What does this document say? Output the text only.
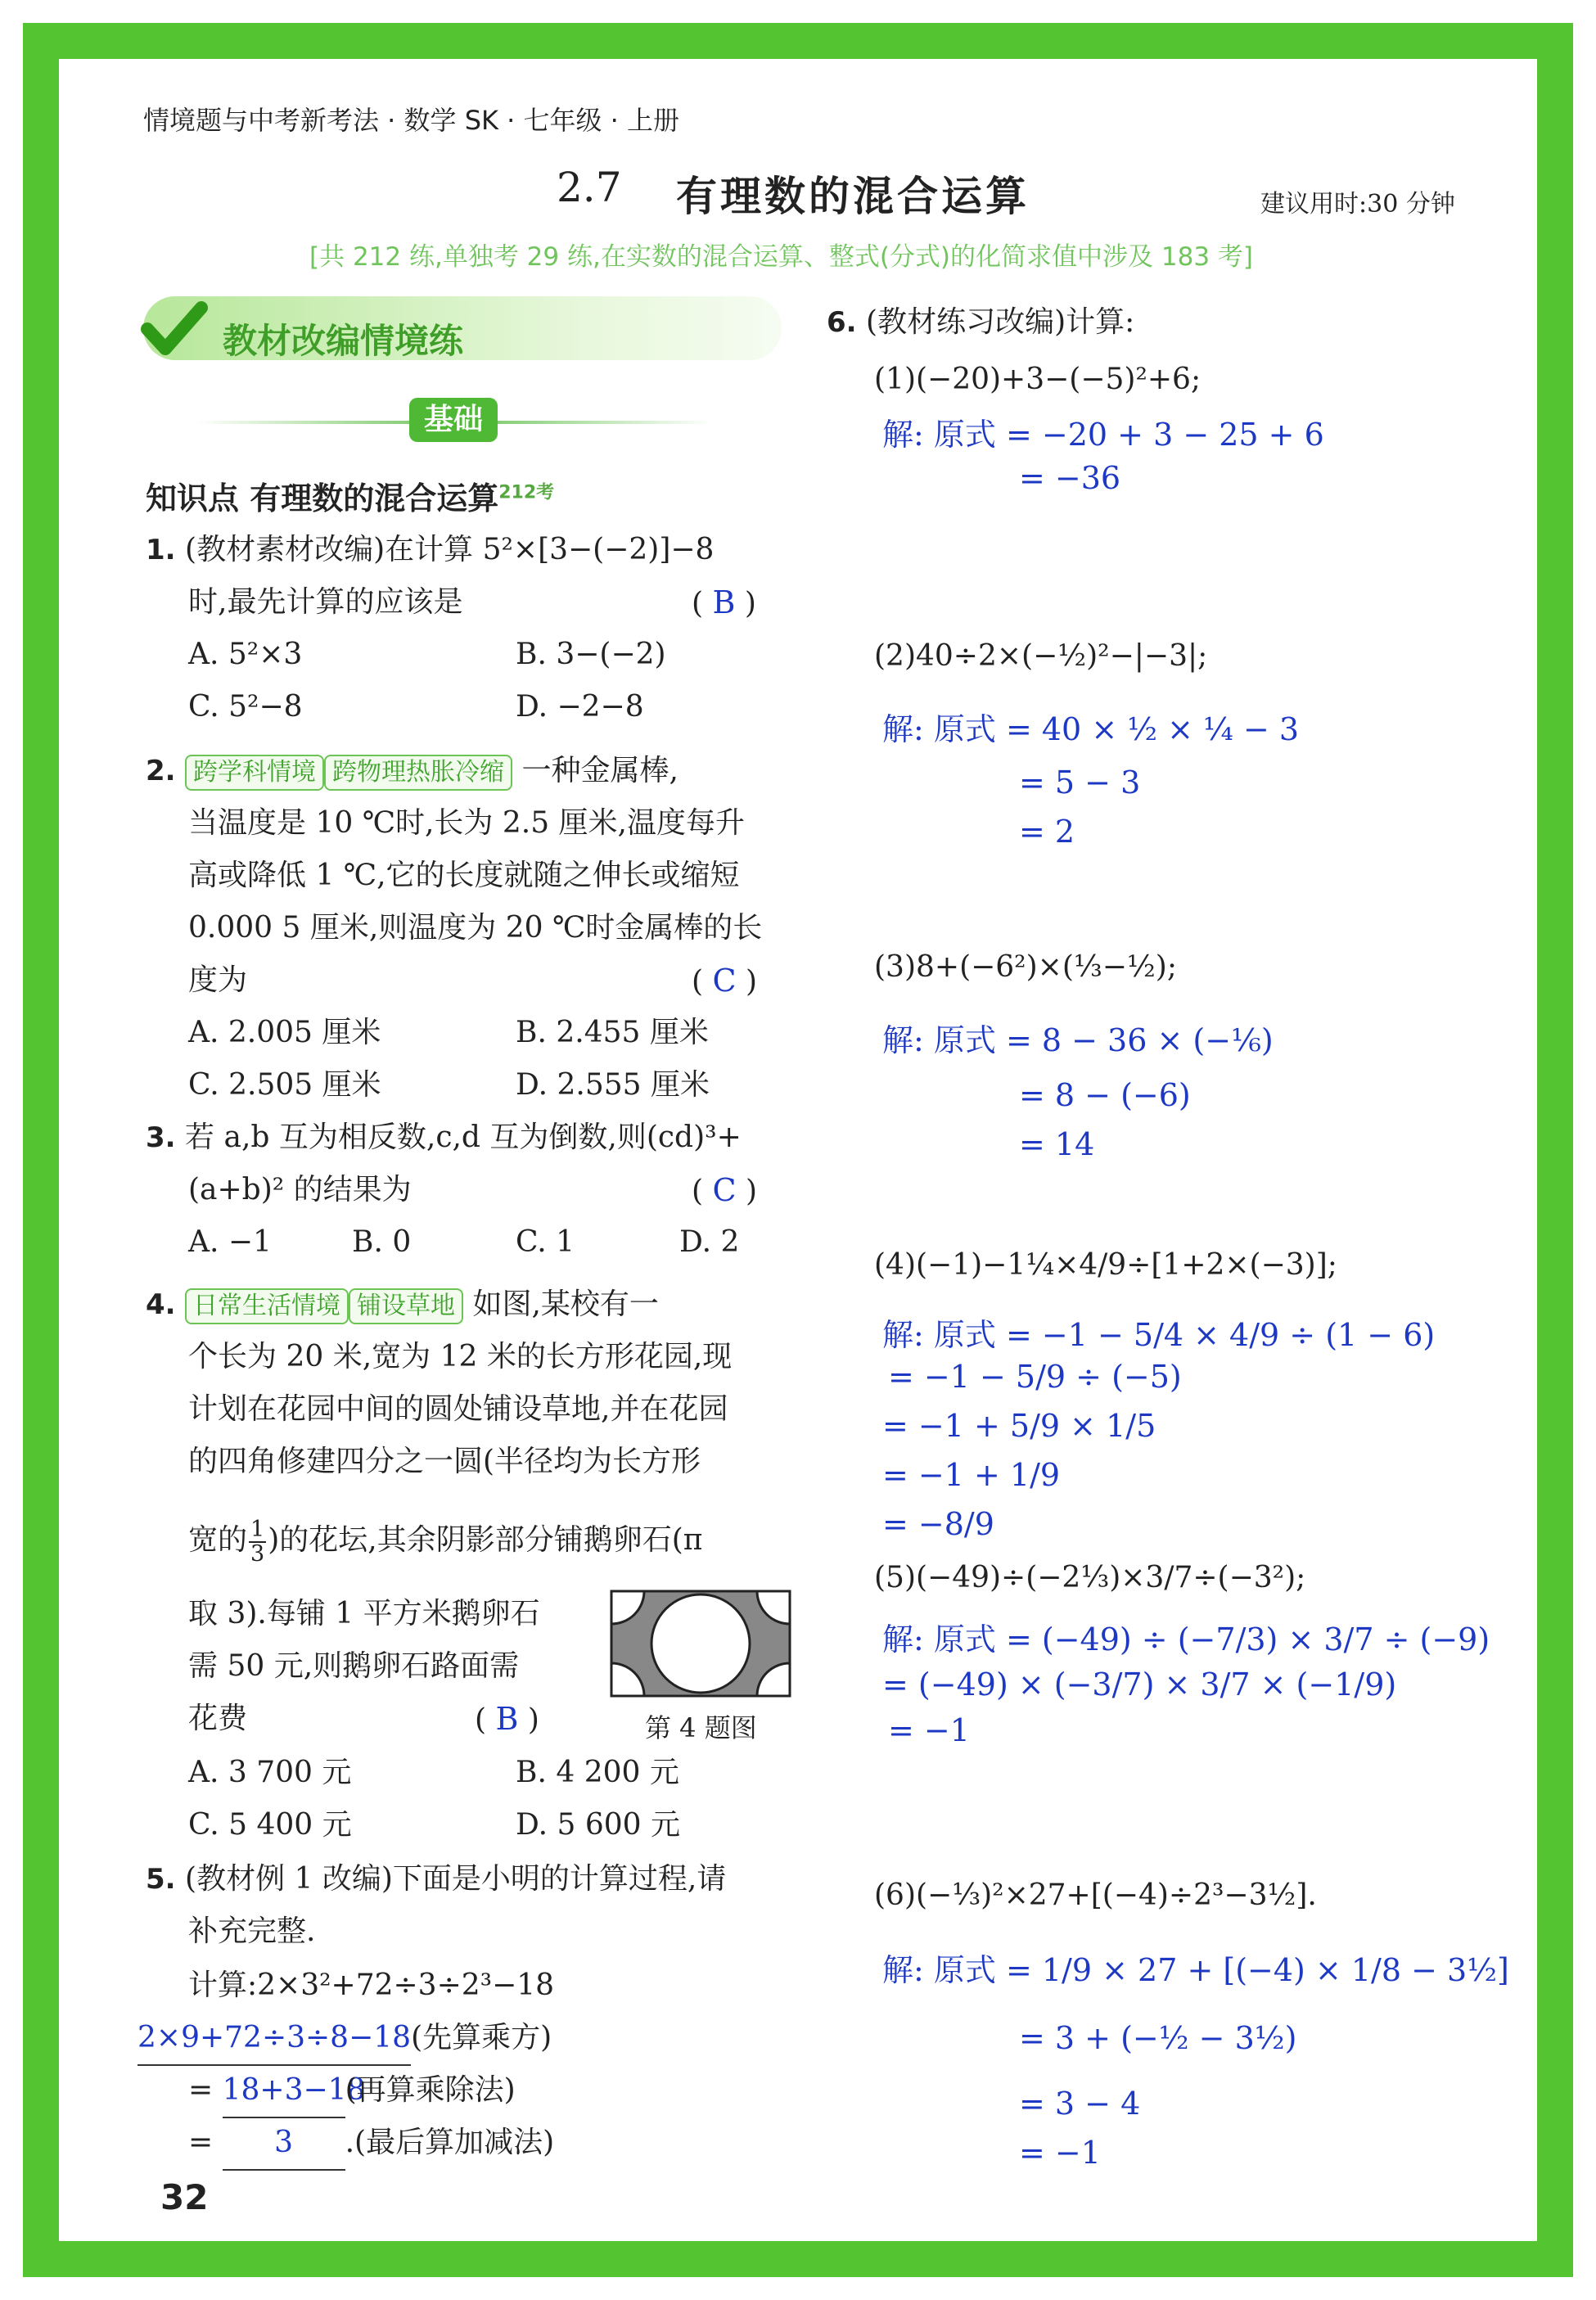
情境题与中考新考法 · 数学 SK · 七年级 · 上册
2.7 有理数的混合运算	建议用时:30 分钟
[共 212 练,单独考 29 练,在实数的混合运算、整式(分式)的化简求值中涉及 183 考]
教材改编情境练
基础
知识点 有理数的混合运算$^{212考}$
1. (教材素材改编)在计算 5²×[3−(−2)]−8
时,最先计算的应该是	( B )
A. 5²×3	B. 3−(−2)
C. 5²−8	D. −2−8
2. 跨学科情境 跨物理热胀冷缩 一种金属棒,
当温度是 10 ℃时,长为 2.5 厘米,温度每升
高或降低 1 ℃,它的长度就随之伸长或缩短
0.000 5 厘米,则温度为 20 ℃时金属棒的长
度为	( C )
A. 2.005 厘米	B. 2.455 厘米
C. 2.505 厘米	D. 2.555 厘米
3. 若 a,b 互为相反数,c,d 互为倒数,则(cd)³+
(a+b)² 的结果为	( C )
A. −1	B. 0	C. 1	D. 2
4. 日常生活情境 铺设草地 如图,某校有一
个长为 20 米,宽为 12 米的长方形花园,现
计划在花园中间的圆处铺设草地,并在花园
的四角修建四分之一圆(半径均为长方形
宽的 $\frac{1}{3}$ )的花坛,其余阴影部分铺鹅卵石(π
取 3).每铺 1 平方米鹅卵石
需 50 元,则鹅卵石路面需
花费	( B )	第 4 题图
A. 3 700 元	B. 4 200 元
C. 5 400 元	D. 5 600 元
5. (教材例 1 改编)下面是小明的计算过程,请
补充完整.
计算:2×3²+72÷3÷2³−18
2×9+72÷3÷8−18(先算乘方)
= 18+3−18(再算乘除法)
= 3 .(最后算加减法)
32
6. (教材练习改编)计算:
(1)(−20)+3−(−5)²+6;
解: 原式 = −20 + 3 − 25 + 6
= −36
(2)40÷2×(−½)²−|−3|;
解: 原式 = 40 × ½ × ¼ − 3
= 5 − 3
= 2
(3)8+(−6²)×(⅓−½);
解: 原式 = 8 − 36 × (−⅙)
= 8 − (−6)
= 14
(4)(−1)−1¼×4/9÷[1+2×(−3)];
解: 原式 = −1 − 5/4 × 4/9 ÷ (1 − 6)
= −1 − 5/9 ÷ (−5)
= −1 + 5/9 × 1/5
= −1 + 1/9
= −8/9
(5)(−49)÷(−2⅓)×3/7÷(−3²);
解: 原式 = (−49) ÷ (−7/3) × 3/7 ÷ (−9)
= (−49) × (−3/7) × 3/7 × (−1/9)
= −1
(6)(−⅓)²×27+[(−4)÷2³−3½].
解: 原式 = 1/9 × 27 + [(−4) × 1/8 − 3½]
= 3 + (−½ − 3½)
= 3 − 4
= −1
